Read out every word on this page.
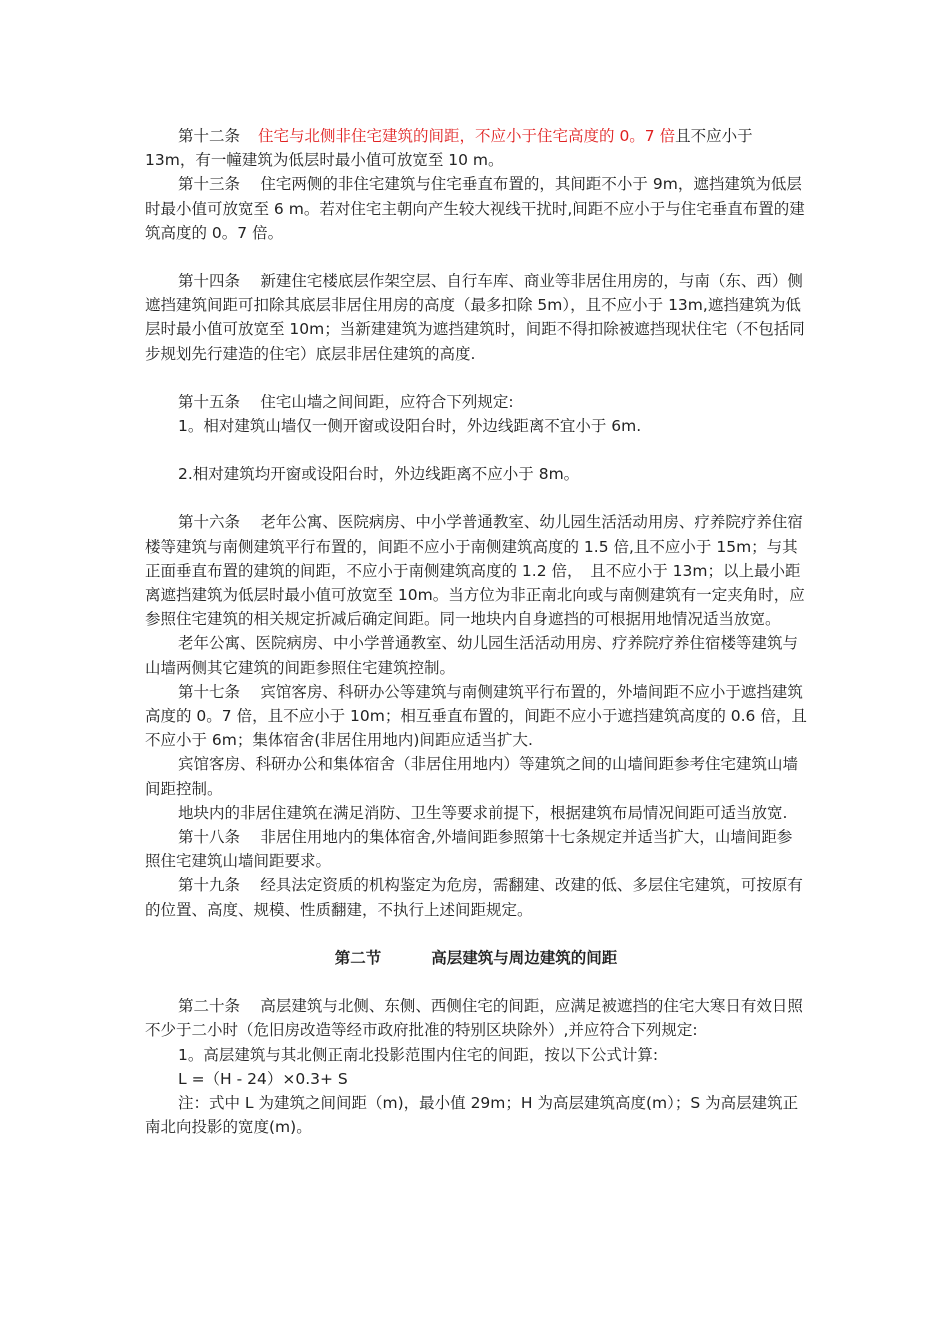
第十二条 住宅与北侧非住宅建筑的间距，不应小于住宅高度的 0。7 倍且不应小于 13m，有一幢建筑为低层时最小值可放宽至 10 m。

第十三条　 住宅两侧的非住宅建筑与住宅垂直布置的，其间距不小于 9m，遮挡建筑为低层时最小值可放宽至 6 m。若对住宅主朝向产生较大视线干扰时,间距不应小于与住宅垂直布置的建筑高度的 0。7 倍。

第十四条　 新建住宅楼底层作架空层、自行车库、商业等非居住用房的，与南（东、西）侧遮挡建筑间距可扣除其底层非居住用房的高度（最多扣除 5m），且不应小于 13m,遮挡建筑为低层时最小值可放宽至 10m；当新建建筑为遮挡建筑时，间距不得扣除被遮挡现状住宅（不包括同步规划先行建造的住宅）底层非居住建筑的高度.

第十五条　 住宅山墙之间间距，应符合下列规定:

1。相对建筑山墙仅一侧开窗或设阳台时，外边线距离不宜小于 6m.

2.相对建筑均开窗或设阳台时，外边线距离不应小于 8m。

第十六条　 老年公寓、医院病房、中小学普通教室、幼儿园生活活动用房、疗养院疗养住宿楼等建筑与南侧建筑平行布置的，间距不应小于南侧建筑高度的 1.5 倍,且不应小于 15m；与其正面垂直布置的建筑的间距，不应小于南侧建筑高度的 1.2 倍，　且不应小于 13m；以上最小距离遮挡建筑为低层时最小值可放宽至 10m。当方位为非正南北向或与南侧建筑有一定夹角时，应参照住宅建筑的相关规定折减后确定间距。同一地块内自身遮挡的可根据用地情况适当放宽。

老年公寓、医院病房、中小学普通教室、幼儿园生活活动用房、疗养院疗养住宿楼等建筑与山墙两侧其它建筑的间距参照住宅建筑控制。

第十七条　 宾馆客房、科研办公等建筑与南侧建筑平行布置的，外墙间距不应小于遮挡建筑高度的 0。7 倍，且不应小于 10m；相互垂直布置的，间距不应小于遮挡建筑高度的 0.6 倍，且不应小于 6m；集体宿舍(非居住用地内)间距应适当扩大.

宾馆客房、科研办公和集体宿舍（非居住用地内）等建筑之间的山墙间距参考住宅建筑山墙间距控制。

地块内的非居住建筑在满足消防、卫生等要求前提下，根据建筑布局情况间距可适当放宽.

第十八条　 非居住用地内的集体宿舍,外墙间距参照第十七条规定并适当扩大，山墙间距参照住宅建筑山墙间距要求。

第十九条　 经具法定资质的机构鉴定为危房，需翻建、改建的低、多层住宅建筑，可按原有的位置、高度、规模、性质翻建，不执行上述间距规定。

第二节	高层建筑与周边建筑的间距

第二十条　 高层建筑与北侧、东侧、西侧住宅的间距，应满足被遮挡的住宅大寒日有效日照不少于二小时（危旧房改造等经市政府批准的特别区块除外）,并应符合下列规定:

1。高层建筑与其北侧正南北投影范围内住宅的间距，按以下公式计算:

L =（H - 24）×0.3+ S

注：式中 L 为建筑之间间距（m)，最小值 29m；H 为高层建筑高度(m）；S 为高层建筑正南北向投影的宽度(m)。
